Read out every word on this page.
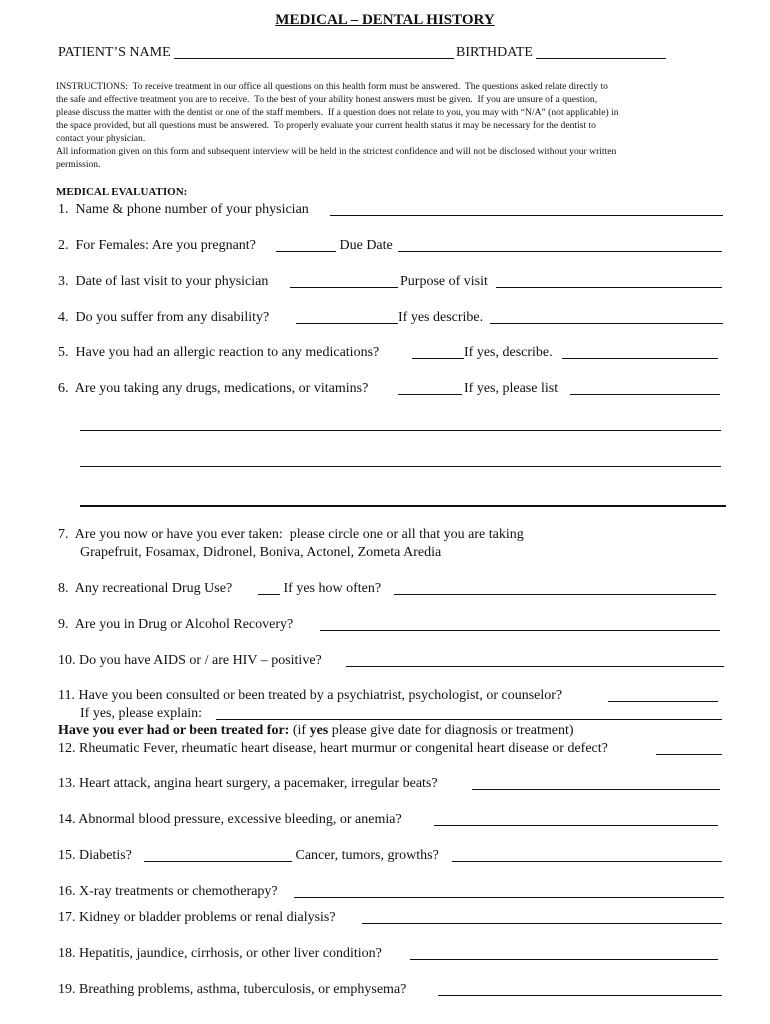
MEDICAL – DENTAL HISTORY
PATIENT’S NAME	BIRTHDATE
INSTRUCTIONS:  To receive treatment in our office all questions on this health form must be answered.  The questions asked relate directly to
the safe and effective treatment you are to receive.  To the best of your ability honest answers must be given.  If you are unsure of a question,
please discuss the matter with the dentist or one of the staff members.  If a question does not relate to you, you may with “N/A” (not applicable) in
the space provided, but all questions must be answered.  To properly evaluate your current health status it may be necessary for the dentist to
contact your physician.
All information given on this form and subsequent interview will be held in the strictest confidence and will not be disclosed without your written
permission.
MEDICAL EVALUATION:
1.  Name & phone number of your physician
2.  For Females: Are you pregnant?	Due Date
3.  Date of last visit to your physician	Purpose of visit
4.  Do you suffer from any disability?	If yes describe.
5.  Have you had an allergic reaction to any medications?	If yes, describe.
6.  Are you taking any drugs, medications, or vitamins?	If yes, please list
7.  Are you now or have you ever taken:  please circle one or all that you are taking
Grapefruit, Fosamax, Didronel, Boniva, Actonel, Zometa Aredia
8.  Any recreational Drug Use?	If yes how often?
9.  Are you in Drug or Alcohol Recovery?
10. Do you have AIDS or / are HIV – positive?
11. Have you been consulted or been treated by a psychiatrist, psychologist, or counselor?
If yes, please explain:
Have you ever had or been treated for: (if yes please give date for diagnosis or treatment)
12. Rheumatic Fever, rheumatic heart disease, heart murmur or congenital heart disease or defect?
13. Heart attack, angina heart surgery, a pacemaker, irregular beats?
14. Abnormal blood pressure, excessive bleeding, or anemia?
15. Diabetis?	Cancer, tumors, growths?
16. X-ray treatments or chemotherapy?
17. Kidney or bladder problems or renal dialysis?
18. Hepatitis, jaundice, cirrhosis, or other liver condition?
19. Breathing problems, asthma, tuberculosis, or emphysema?
